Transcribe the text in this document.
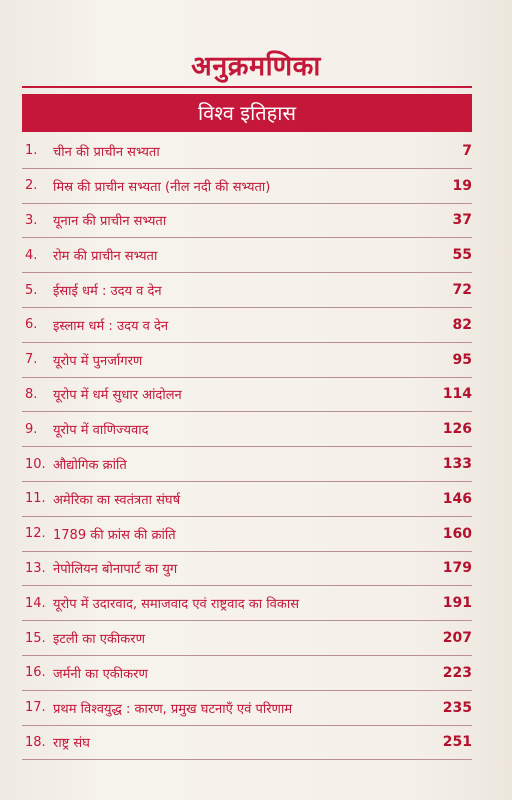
अनुक्रमणिका
विश्व इतिहास
1.	चीन की प्राचीन सभ्यता	7
2.	मिस्र की प्राचीन सभ्यता (नील नदी की सभ्यता)	19
3.	यूनान की प्राचीन सभ्यता	37
4.	रोम की प्राचीन सभ्यता	55
5.	ईसाई धर्म : उदय व देन	72
6.	इस्लाम धर्म : उदय व देन	82
7.	यूरोप में पुनर्जागरण	95
8.	यूरोप में धर्म सुधार आंदोलन	114
9.	यूरोप में वाणिज्यवाद	126
10. औद्योगिक क्रांति	133
11. अमेरिका का स्वतंत्रता संघर्ष	146
12. 1789 की फ्रांस की क्रांति	160
13. नेपोलियन बोनापार्ट का युग	179
14. यूरोप में उदारवाद, समाजवाद एवं राष्ट्रवाद का विकास	191
15. इटली का एकीकरण	207
16. जर्मनी का एकीकरण	223
17. प्रथम विश्वयुद्ध : कारण, प्रमुख घटनाएँ एवं परिणाम	235
18. राष्ट्र संघ	251
